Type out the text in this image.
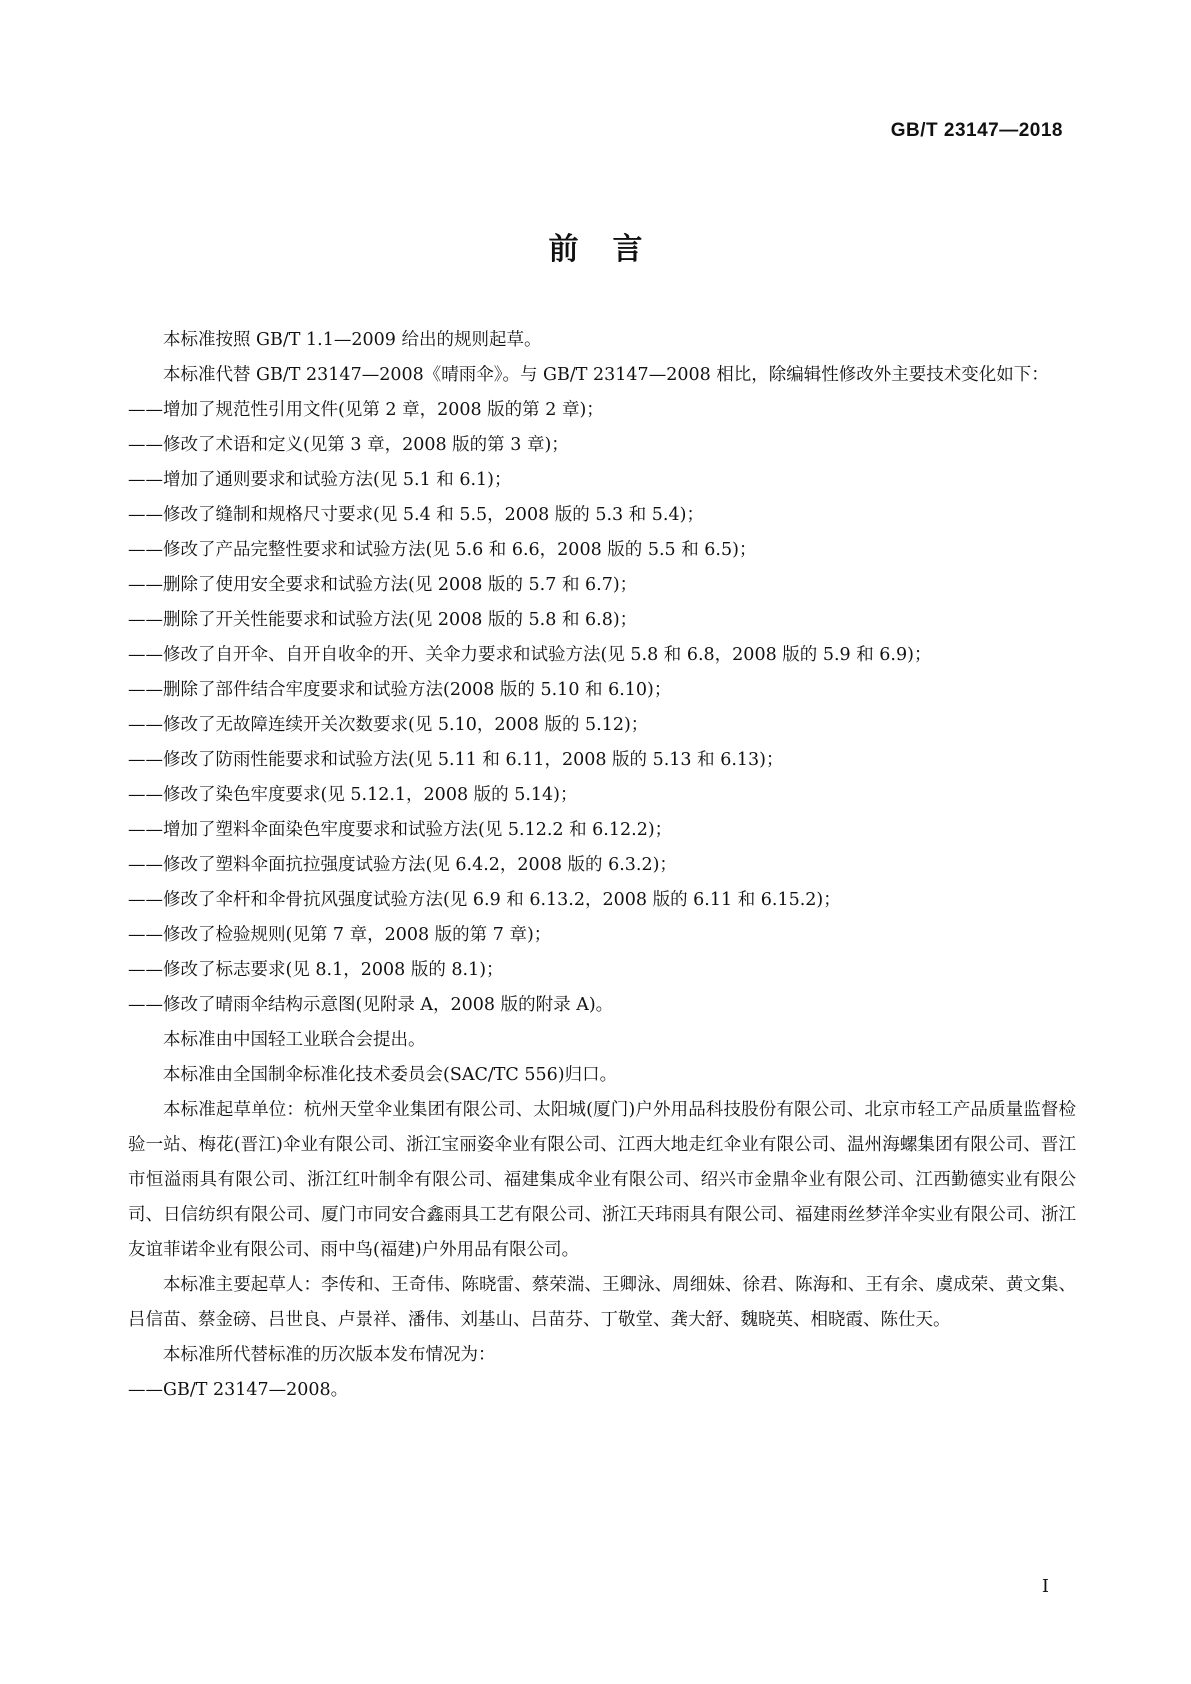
GB/T 23147—2018
前言

本标准按照 GB/T 1.1—2009 给出的规则起草。

本标准代替 GB/T 23147—2008《晴雨伞》。与 GB/T 23147—2008 相比，除编辑性修改外主要技术变化如下：

——增加了规范性引用文件(见第 2 章，2008 版的第 2 章)；

——修改了术语和定义(见第 3 章，2008 版的第 3 章)；

——增加了通则要求和试验方法(见 5.1 和 6.1)；

——修改了缝制和规格尺寸要求(见 5.4 和 5.5，2008 版的 5.3 和 5.4)；

——修改了产品完整性要求和试验方法(见 5.6 和 6.6，2008 版的 5.5 和 6.5)；

——删除了使用安全要求和试验方法(见 2008 版的 5.7 和 6.7)；

——删除了开关性能要求和试验方法(见 2008 版的 5.8 和 6.8)；

——修改了自开伞、自开自收伞的开、关伞力要求和试验方法(见 5.8 和 6.8，2008 版的 5.9 和 6.9)；

——删除了部件结合牢度要求和试验方法(2008 版的 5.10 和 6.10)；

——修改了无故障连续开关次数要求(见 5.10，2008 版的 5.12)；

——修改了防雨性能要求和试验方法(见 5.11 和 6.11，2008 版的 5.13 和 6.13)；

——修改了染色牢度要求(见 5.12.1，2008 版的 5.14)；

——增加了塑料伞面染色牢度要求和试验方法(见 5.12.2 和 6.12.2)；

——修改了塑料伞面抗拉强度试验方法(见 6.4.2，2008 版的 6.3.2)；

——修改了伞杆和伞骨抗风强度试验方法(见 6.9 和 6.13.2，2008 版的 6.11 和 6.15.2)；

——修改了检验规则(见第 7 章，2008 版的第 7 章)；

——修改了标志要求(见 8.1，2008 版的 8.1)；

——修改了晴雨伞结构示意图(见附录 A，2008 版的附录 A)。

本标准由中国轻工业联合会提出。

本标准由全国制伞标准化技术委员会(SAC/TC 556)归口。

本标准起草单位：杭州天堂伞业集团有限公司、太阳城(厦门)户外用品科技股份有限公司、北京市轻工产品质量监督检验一站、梅花(晋江)伞业有限公司、浙江宝丽姿伞业有限公司、江西大地走红伞业有限公司、温州海螺集团有限公司、晋江市恒溢雨具有限公司、浙江红叶制伞有限公司、福建集成伞业有限公司、绍兴市金鼎伞业有限公司、江西勤德实业有限公司、日信纺织有限公司、厦门市同安合鑫雨具工艺有限公司、浙江天玮雨具有限公司、福建雨丝梦洋伞实业有限公司、浙江友谊菲诺伞业有限公司、雨中鸟(福建)户外用品有限公司。

本标准主要起草人：李传和、王奇伟、陈晓雷、蔡荣湍、王卿泳、周细妹、徐君、陈海和、王有余、虞成荣、黄文集、吕信苗、蔡金磅、吕世良、卢景祥、潘伟、刘基山、吕苗芬、丁敬堂、龚大舒、魏晓英、相晓霞、陈仕天。

本标准所代替标准的历次版本发布情况为：

——GB/T 23147—2008。

I
